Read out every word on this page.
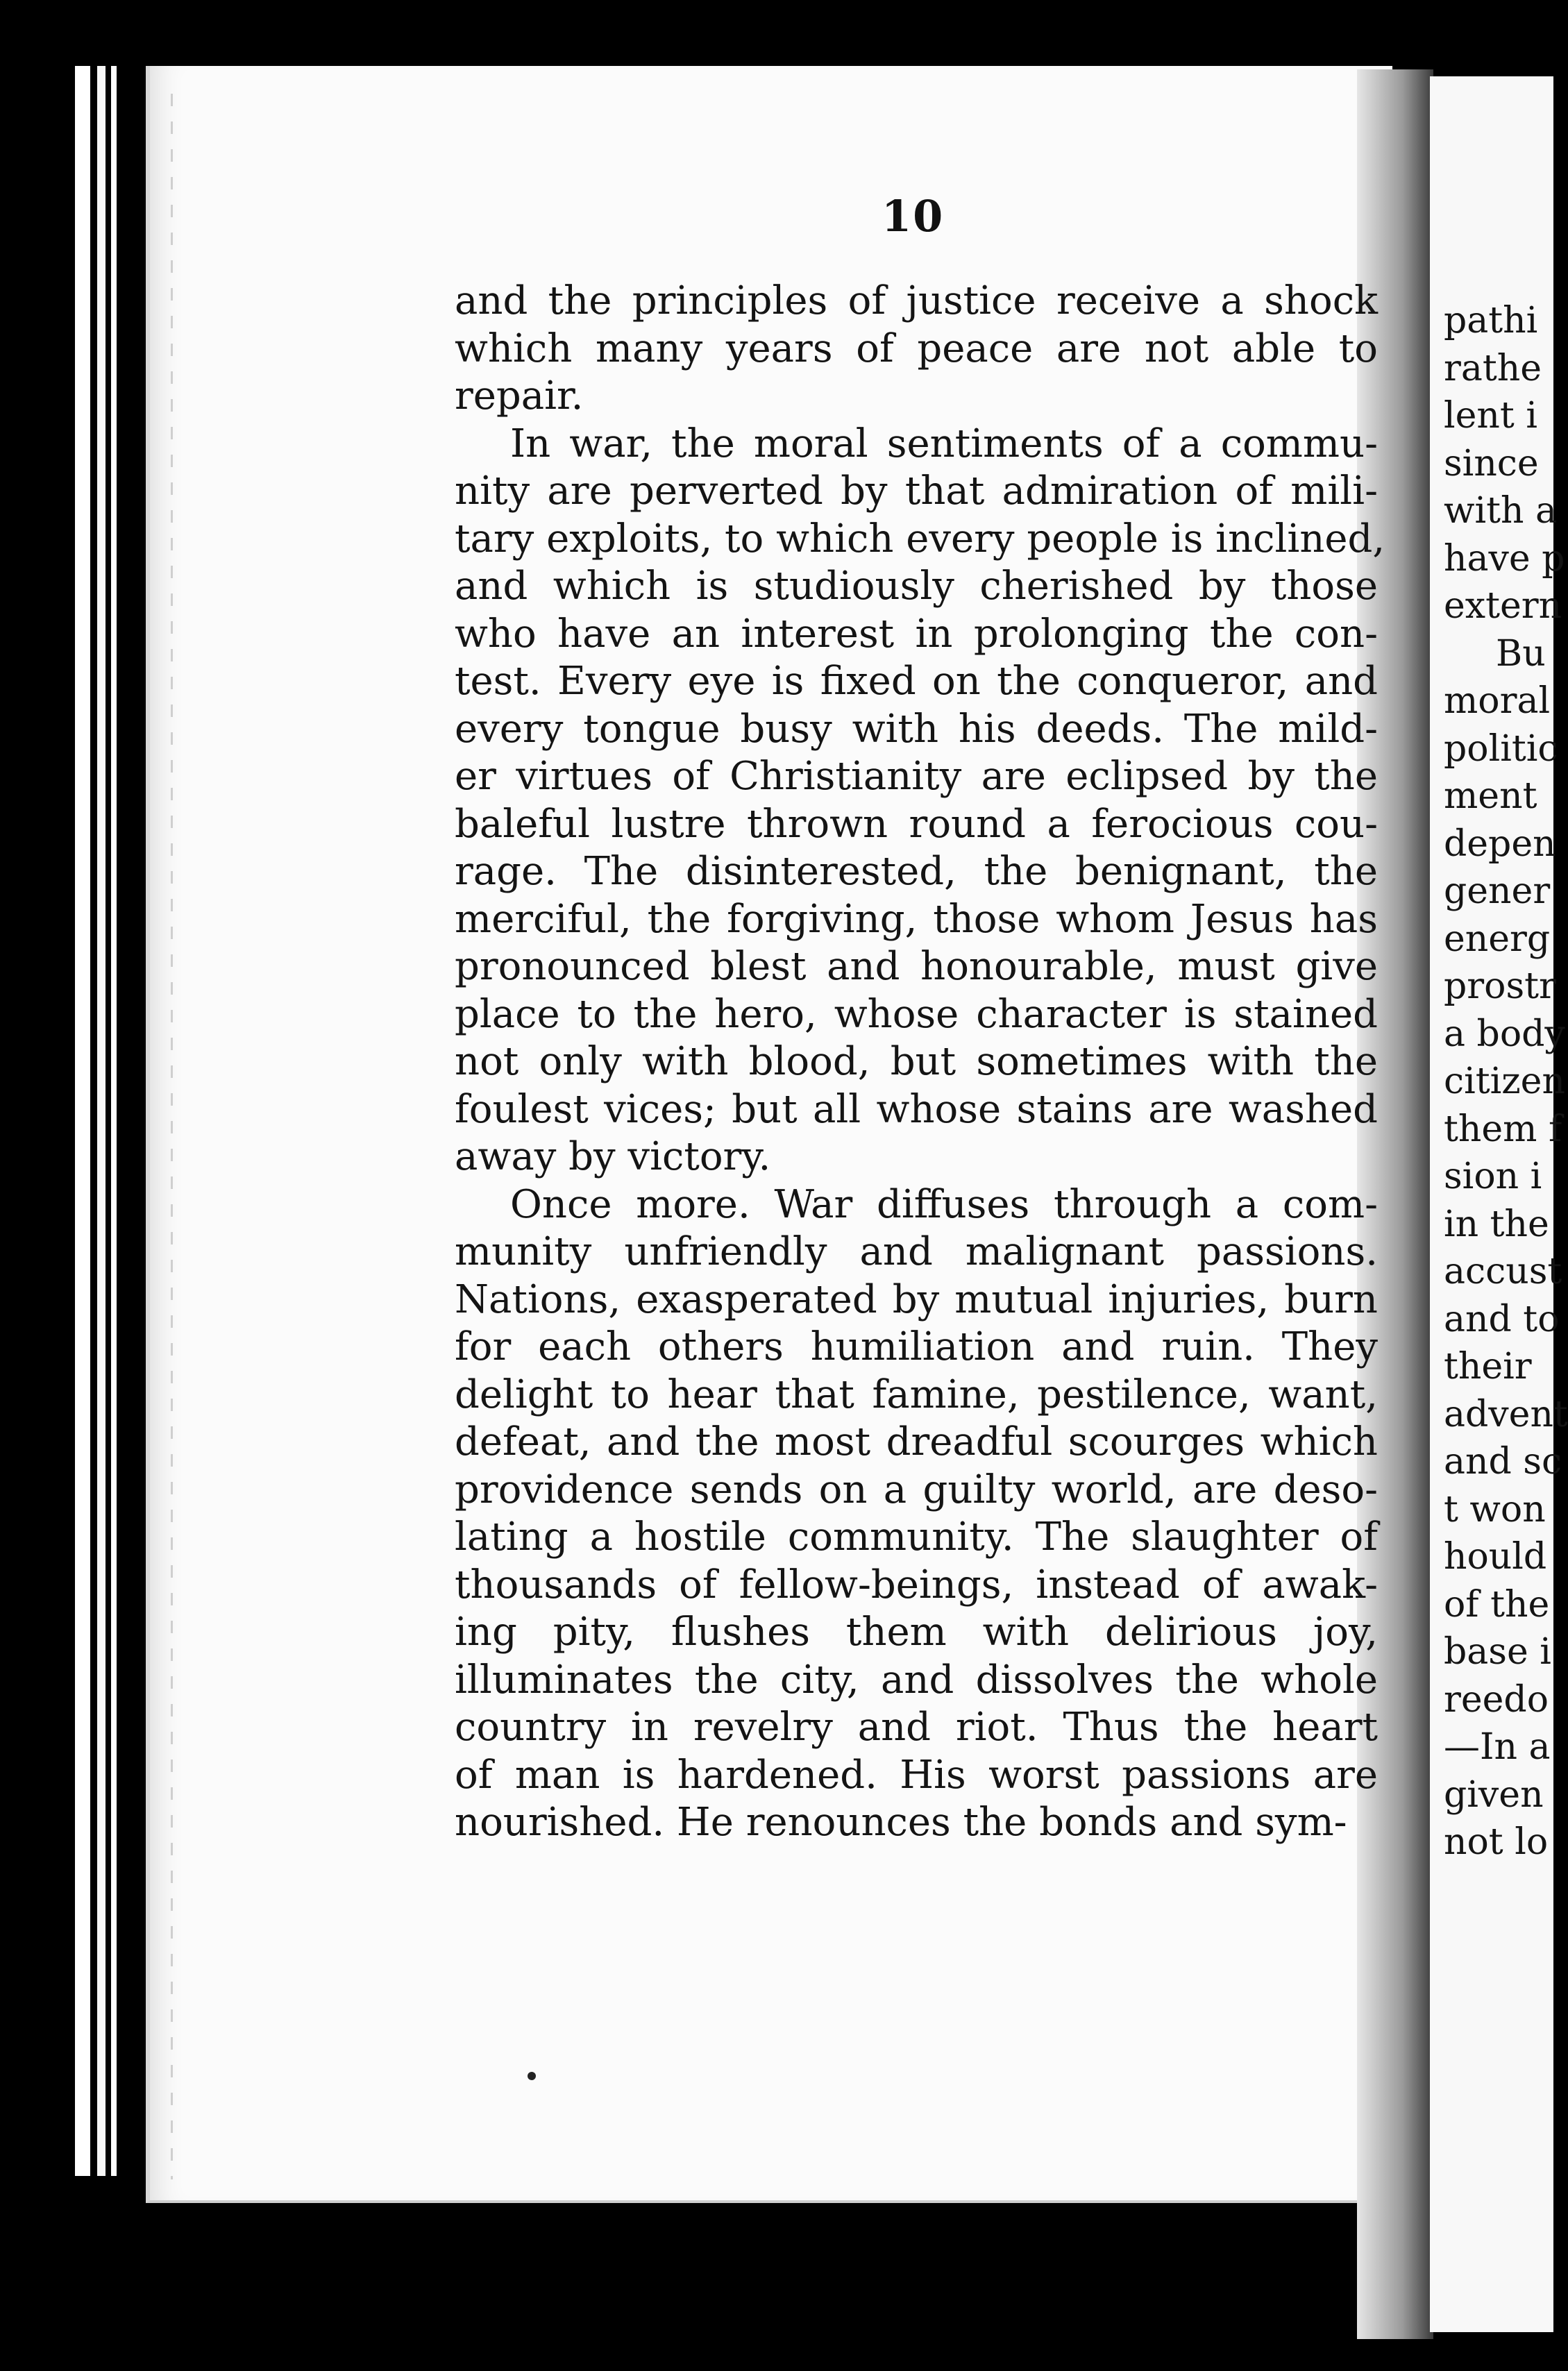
10
and the principles of justice receive a shock
which many years of peace are not able to
repair.
In war, the moral sentiments of a commu-
nity are perverted by that admiration of mili-
tary exploits, to which every people is inclined,
and which is studiously cherished by those
who have an interest in prolonging the con-
test. Every eye is fixed on the conqueror, and
every tongue busy with his deeds. The mild-
er virtues of Christianity are eclipsed by the
baleful lustre thrown round a ferocious cou-
rage. The disinterested, the benignant, the
merciful, the forgiving, those whom Jesus has
pronounced blest and honourable, must give
place to the hero, whose character is stained
not only with blood, but sometimes with the
foulest vices; but all whose stains are washed
away by victory.
Once more. War diffuses through a com-
munity unfriendly and malignant passions.
Nations, exasperated by mutual injuries, burn
for each others humiliation and ruin. They
delight to hear that famine, pestilence, want,
defeat, and the most dreadful scourges which
providence sends on a guilty world, are deso-
lating a hostile community. The slaughter of
thousands of fellow-beings, instead of awak-
ing pity, flushes them with delirious joy,
illuminates the city, and dissolves the whole
country in revelry and riot. Thus the heart
of man is hardened. His worst passions are
nourished. He renounces the bonds and sym-
pathi
rathe
lent i
since
with a
have p
extern
Bu
moral
politic
ment
depen
gener
energ
prostr
a body
citizen
them f
sion i
in the
accust
and to
their
advent
and sc
t won
hould
of the
base i
reedo
—In a
given
not lo
